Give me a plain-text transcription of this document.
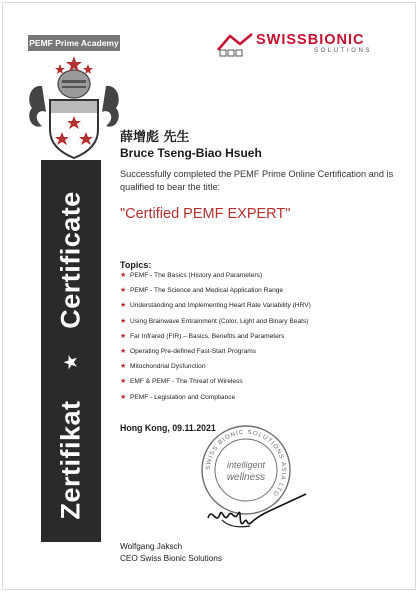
Zertifikat
★
Certificate
PEMF Prime Academy	SWISSBIONIC
SOLUTIONS
薛增彪 先生
Bruce Tseng-Biao Hsueh
Successfully completed the PEMF Prime Online Certification and is qualified to bear the title:
"Certified PEMF EXPERT"
Topics:
★ PEMF - The Basics (History and Parameters)
★ PEMF - The Science and Medical Application Range
★ Understanding and Implementing Heart Rate Variability (HRV)
★ Using Brainwave Entrainment (Color, Light and Binary Beats)
★ Far Infrared (FIR) – Basics, Benefits and Parameters
★ Operating Pre-defined Fast-Start Programs
★ Mitochondrial Dysfunction
★ EMF & PEMF - The Threat of Wireless
★ PEMF - Legislation and Compliance
Hong Kong, 09.11.2021
SWISS BIONIC SOLUTIONS ASIA LTD
intelligent
wellness
Wolfgang Jaksch
CEO Swiss Bionic Solutions
